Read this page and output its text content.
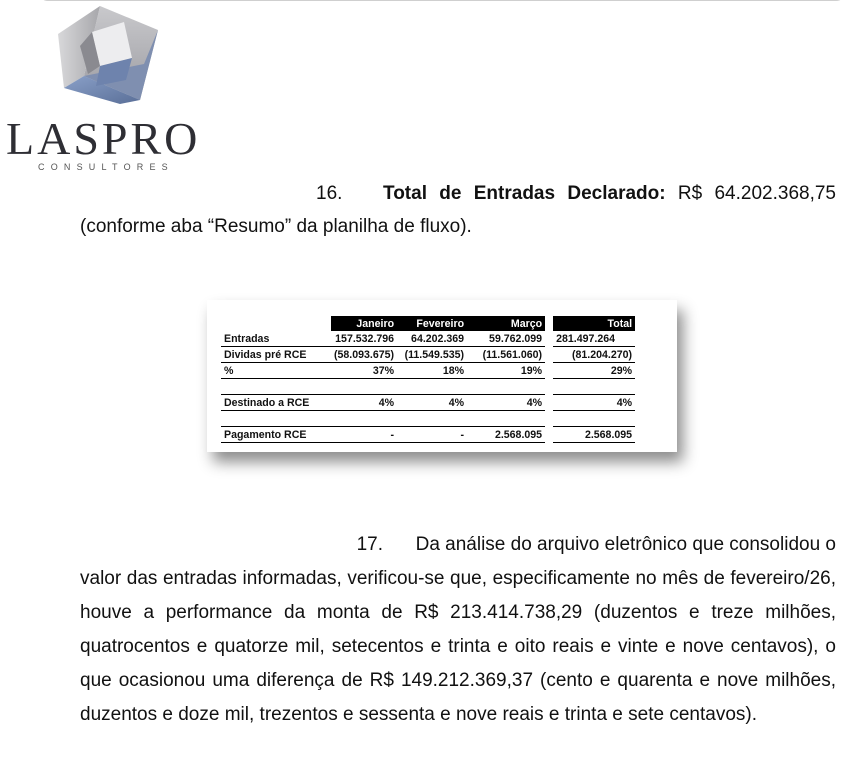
LASPRO
CONSULTORES
16. Total de Entradas Declarado: R$ 64.202.368,75
(conforme aba “Resumo” da planilha de fluxo).
	Janeiro	Fevereiro	Março		Total
Entradas	157.532.796	64.202.369	59.762.099		281.497.264
Dividas pré RCE	(58.093.675)	(11.549.535)	(11.561.060)		(81.204.270)
%	37%	18%	19%		29%

Destinado a RCE	4%	4%	4%		4%

Pagamento RCE	-	-	2.568.095		2.568.095
17. Da análise do arquivo eletrônico que consolidou o
valor das entradas informadas, verificou-se que, especificamente no mês de fevereiro/26, houve a performance da monta de R$ 213.414.738,29 (duzentos e treze milhões, quatrocentos e quatorze mil, setecentos e trinta e oito reais e vinte e nove centavos), o que ocasionou uma diferença de R$ 149.212.369,37 (cento e quarenta e nove milhões, duzentos e doze mil, trezentos e sessenta e nove reais e trinta e sete centavos).
